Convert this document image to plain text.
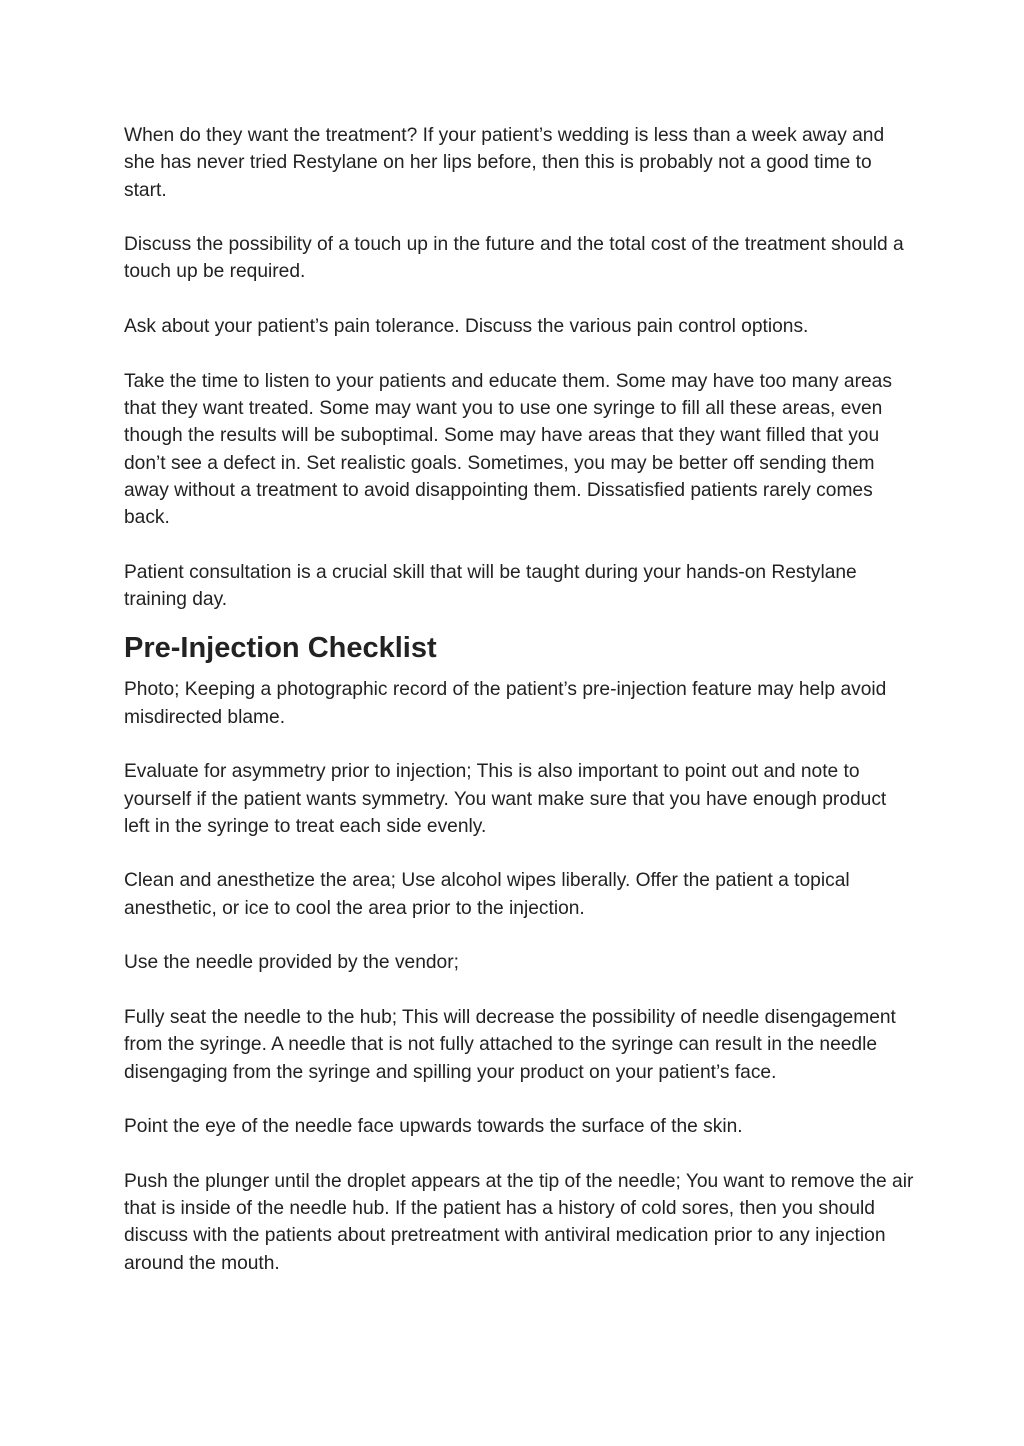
When do they want the treatment? If your patient’s wedding is less than a week away and she has never tried Restylane on her lips before, then this is probably not a good time to start.

Discuss the possibility of a touch up in the future and the total cost of the treatment should a touch up be required.

Ask about your patient’s pain tolerance. Discuss the various pain control options.

Take the time to listen to your patients and educate them. Some may have too many areas that they want treated. Some may want you to use one syringe to fill all these areas, even though the results will be suboptimal. Some may have areas that they want filled that you don’t see a defect in. Set realistic goals. Sometimes, you may be better off sending them away without a treatment to avoid disappointing them. Dissatisfied patients rarely comes back.

Patient consultation is a crucial skill that will be taught during your hands-on Restylane training day.

Pre-Injection Checklist

Photo; Keeping a photographic record of the patient’s pre-injection feature may help avoid misdirected blame.

Evaluate for asymmetry prior to injection; This is also important to point out and note to yourself if the patient wants symmetry. You want make sure that you have enough product left in the syringe to treat each side evenly.

Clean and anesthetize the area; Use alcohol wipes liberally. Offer the patient a topical anesthetic, or ice to cool the area prior to the injection.

Use the needle provided by the vendor;

Fully seat the needle to the hub; This will decrease the possibility of needle disengagement from the syringe. A needle that is not fully attached to the syringe can result in the needle disengaging from the syringe and spilling your product on your patient’s face.

Point the eye of the needle face upwards towards the surface of the skin.

Push the plunger until the droplet appears at the tip of the needle; You want to remove the air that is inside of the needle hub. If the patient has a history of cold sores, then you should discuss with the patients about pretreatment with antiviral medication prior to any injection around the mouth.
